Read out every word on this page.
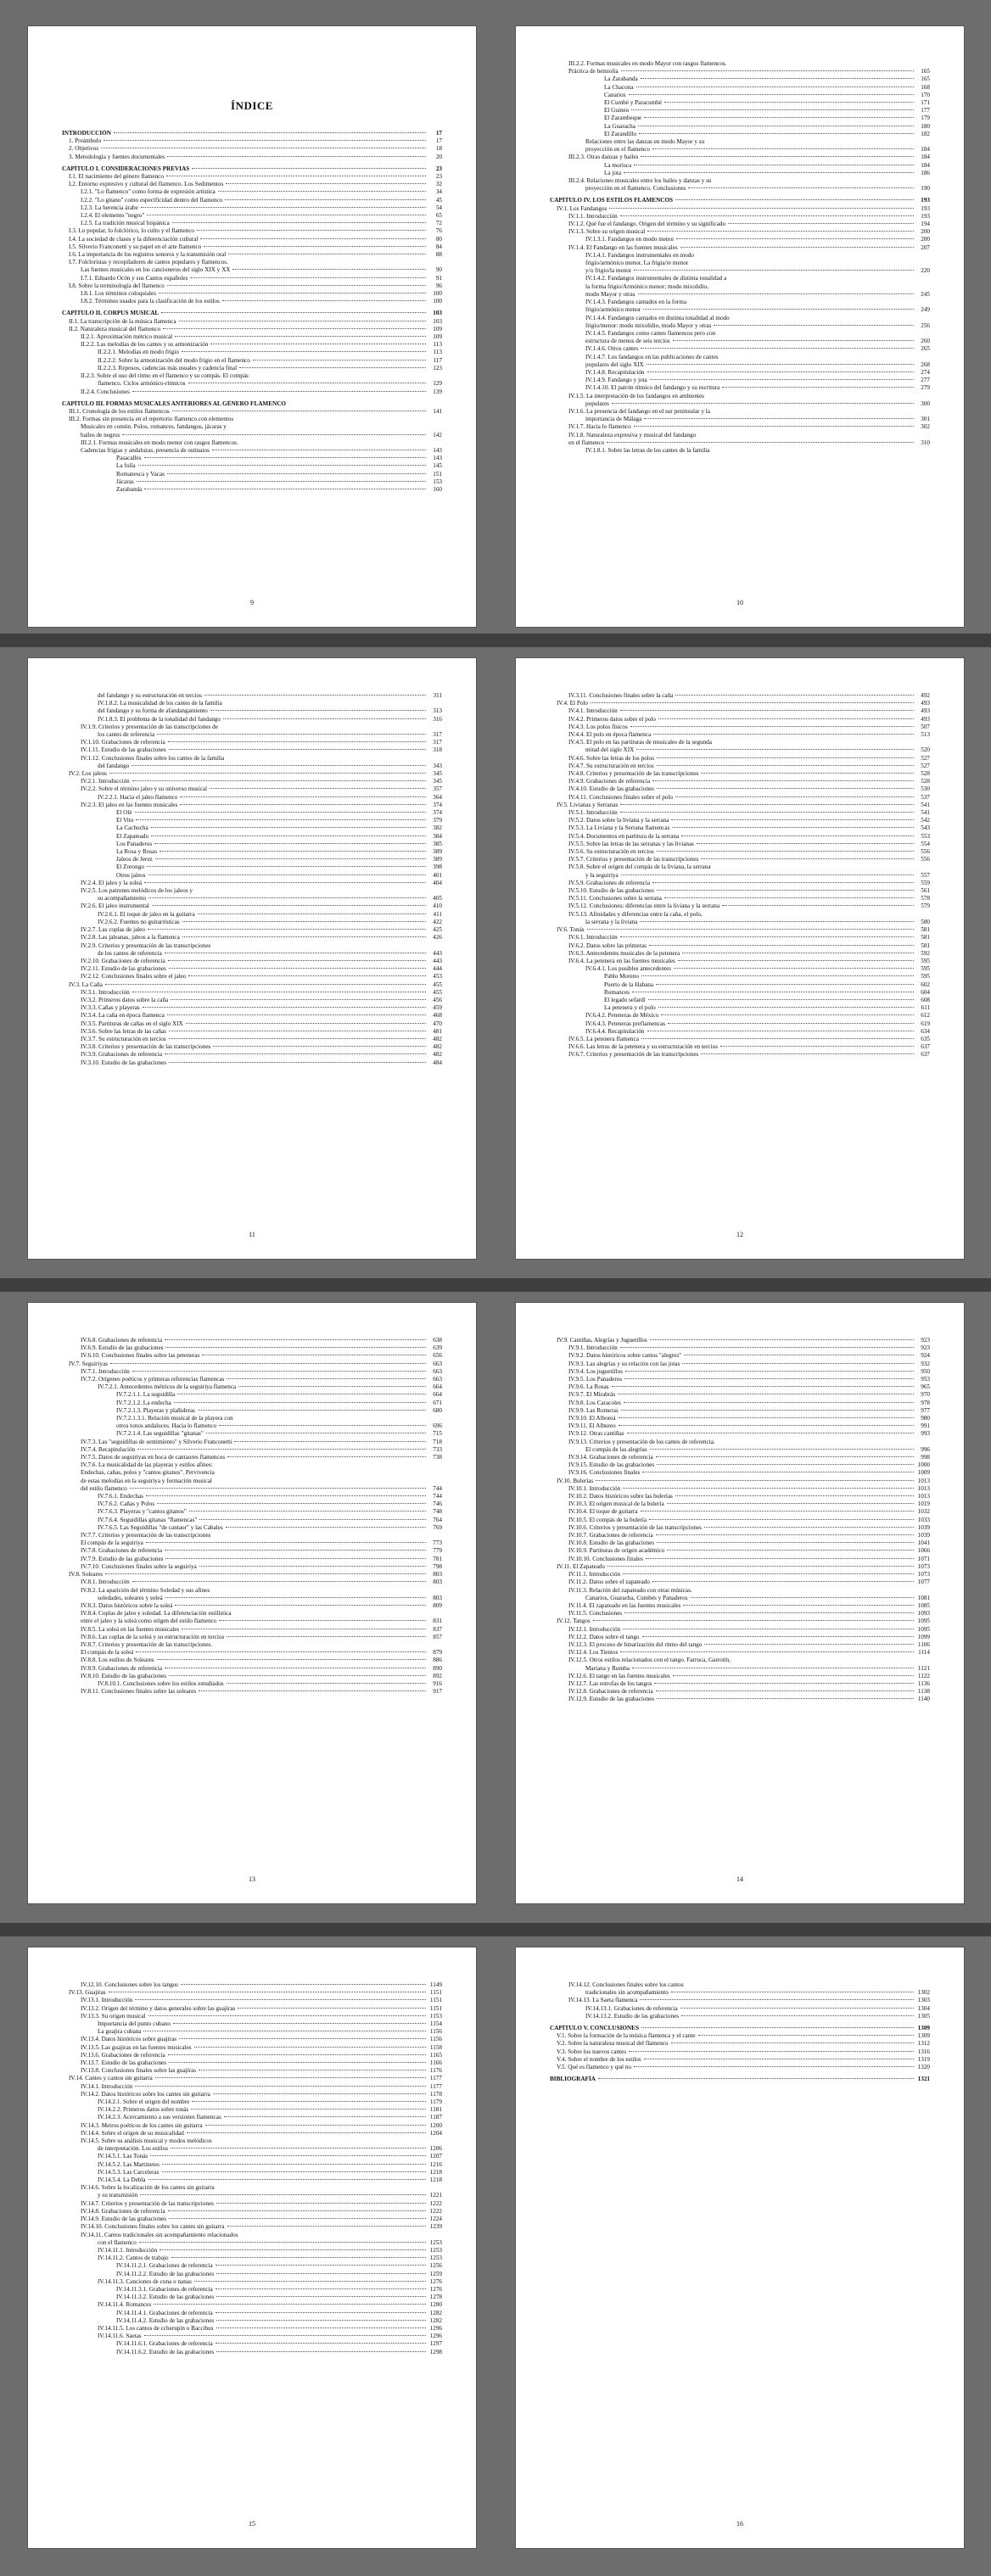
ÍNDICE
INTRODUCCIÓN	17
1. Preámbulo	17
2. Objetivos	18
3. Metodología y fuentes documentales	20
CAPÍTULO I. CONSIDERACIONES PREVIAS	23
I.1. El nacimiento del género flamenco	23
I.2. Entorno expresivo y cultural del flamenco. Los Sedimentos	32
I.2.1. "Lo flamenco" como forma de expresión artística	34
I.2.2. "Lo gitano" como especificidad dentro del flamenco	45
I.2.3. La herencia árabe	54
I.2.4. El elemento "negro"	65
I.2.5. La tradición musical hispánica	72
I.3. Lo popular, lo folclórico, lo culto y el flamenco	76
I.4. La sociedad de clases y la diferenciación cultural	80
I.5. Silverio Franconetti y su papel en el arte flamenco	84
I.6. La importancia de los registros sonoros y la transmisión oral	88
I.7. Folcloristas y recopiladores de cantos populares y flamencos.
Las fuentes musicales en los cancioneros del siglo XIX y XX	90
I.7.1. Eduardo Ocón y sus Cantos españoles	91
I.8. Sobre la terminología del flamenco	96
I.8.1. Los términos coloquiales	100
I.8.2. Términos usados para la clasificación de los estilos	100
CAPÍTULO II. CORPUS MUSICAL	103
II.1. La transcripción de la música flamenca	103
II.2. Naturaleza musical del flamenco	109
II.2.1. Aproximación métrico musical	109
II.2.2. Las melodías de los cantes y su armonización	113
II.2.2.1. Melodías en modo frigio	113
II.2.2.2. Sobre la armonización del modo frigio en el flamenco	117
II.2.2.3. Reposos, cadencias más usuales y cadencia final	123
II.2.3. Sobre el uso del ritmo en el flamenco y su compás. El compás
flamenco. Ciclos armónico-rítmicos	129
II.2.4. Conclusiones	139
CAPÍTULO III. FORMAS MUSICALES ANTERIORES AL GÉNERO FLAMENCO
III.1. Cronología de los estilos flamencos	141
III.2. Formas sin presencia en el repertorio flamenco con elementos
Musicales en común. Polos, romances, fandangos, jácaras y
bailes de negros	142
III.2.1. Formas musicales en modo menor con rasgos flamencos.
Cadencias frigias y andaluzas, presencia de ostinatos	143
Pasacalles	143
La folía	145
Romanesca y Vacas	151
Jácaras	153
Zarabanda	160
9
III.2.2. Formas musicales en modo Mayor con rasgos flamencos.
Práctica de hemiolia	165
La Zarabanda	165
La Chacona	168
Canarios	170
El Cumbé y Paracumbé	171
El Guineo	177
El Zarambeque	179
La Guaracha	180
El Zarandillo	182
Relaciones entre las danzas en modo Mayor y su
proyección en el flamenco	184
III.2.3. Otras danzas y bailes	184
La morisca	184
La jota	186
III.2.4. Relaciones musicales entre los bailes y danzas y su
proyección en el flamenco. Conclusiones	190
CAPÍTULO IV. LOS ESTILOS FLAMENCOS	193
IV.1. Los Fandangos	193
IV.1.1. Introducción	193
IV.1.2. Qué fue el fandango. Origen del término y su significado	194
IV.1.3. Sobre su origen musical	200
IV.1.3.1. Fandangos en modo menor	200
IV.1.4. El Fandango en las fuentes musicales	207
IV.1.4.1. Fandangos instrumentales en modo
frigio/armónico menor, La frigia/re menor
y/o frigio/la menor	220
IV.1.4.2. Fandangos instrumentales de distinta tonalidad a
la forma frigio/Armónico menor; modo mixolidio,
modo Mayor y otras	245
IV.1.4.3. Fandangos cantados en la forma
frigio/armónico menor	249
IV.1.4.4. Fandangos cantados en distinta tonalidad al modo
frigio/menor: modo mixolidio, modo Mayor y otras	256
IV.1.4.5. Fandangos como cantes flamencos pero con
estructura de menos de seis tercios	260
IV.1.4.6. Otros cantes	265
IV.1.4.7. Los fandangos en las publicaciones de cantes
populares del siglo XIX	268
IV.1.4.8. Recapitulación	274
IV.1.4.9. Fandango y jota	277
IV.1.4.10. El patrón rítmico del fandango y su escritura	279
IV.1.5. La interpretación de los fandangos en ambientes
populares	300
IV.1.6. La presencia del fandango en el sur peninsular y la
importancia de Málaga	301
IV.1.7. Hacia lo flamenco	302
IV.1.8. Naturaleza expresiva y musical del fandango
en el flamenco	310
IV.1.8.1. Sobre las letras de los cantes de la familia
10
del fandango y su estructuración en tercios	311
IV.1.8.2. La musicalidad de los cantes de la familia
del fandango y su forma de afandangamiento	313
IV.1.8.3. El problema de la tonalidad del fandango	316
IV.1.9. Criterios y presentación de las transcripciones de
los cantes de referencia	317
IV.1.10. Grabaciones de referencia	317
IV.1.11. Estudio de las grabaciones	318
IV.1.12. Conclusiones finales sobre los cantes de la familia
del fandango	343
IV.2. Los jaleos	345
IV.2.1. Introducción	345
IV.2.2. Sobre el término jaleo y su universo musical	357
IV.2.2.1. Hacia el jaleo flamenco	364
IV.2.3. El jaleo en las fuentes musicales	374
El Olé	374
El Vito	379
La Cachucha	382
El Zapateado	384
Los Panaderos	385
La Rosa y Rosas	389
Jaleos de Jerez	389
El Zorongo	398
Otros jaleos	401
IV.2.4. El jaleo y la soleá	404
IV.2.5. Los patrones melódicos de los jaleos y
su acompañamiento	405
IV.2.6. El jaleo instrumental	410
IV.2.6.1. El toque de jaleo en la guitarra	411
IV.2.6.2. Fuentes no guitarrísticas	422
IV.2.7. Las coplas de jaleo	425
IV.2.8. Las jaleanas, jaleos a la flamenca	426
IV.2.9. Criterios y presentación de las transcripciones
de los cantes de referencia	443
IV.2.10. Grabaciones de referencia	443
IV.2.11. Estudio de las grabaciones	444
IV.2.12. Conclusiones finales sobre el jaleo	453
IV.3. La Caña	455
IV.3.1. Introducción	455
IV.3.2. Primeros datos sobre la caña	456
IV.3.3. Cañas y playeras	459
IV.3.4. La caña en época flamenca	468
IV.3.5. Partituras de cañas en el siglo XIX	470
IV.3.6. Sobre las letras de las cañas	481
IV.3.7. Su estructuración en tercios	482
IV.3.8. Criterios y presentación de las transcripciones	482
IV.3.9. Grabaciones de referencia	482
IV.3.10. Estudio de las grabaciones	484
11
IV.3.11. Conclusiones finales sobre la caña	492
IV.4. El Polo	493
IV.4.1. Introducción	493
IV.4.2. Primeros datos sobre el polo	493
IV.4.3. Los polos físicos	507
IV.4.4. El polo en época flamenca	513
IV.4.5. El polo en las partituras de musicales de la segunda
mitad del siglo XIX	520
IV.4.6. Sobre las letras de los polos	527
IV.4.7. Su estructuración en tercios	527
IV.4.8. Criterios y presentación de las transcripciones	528
IV.4.9. Grabaciones de referencia	528
IV.4.10. Estudio de las grabaciones	530
IV.4.11. Conclusiones finales sobre el polo	537
IV.5. Livianas y Serranas	541
IV.5.1. Introducción	541
IV.5.2. Datos sobre la liviana y la serrana	542
IV.5.3. La Liviana y la Serrana flamencas	543
IV.5.4. Documentos en partitura de la serrana	553
IV.5.5. Sobre las letras de las serranas y las livianas	554
IV.5.6. Su estructuración en tercios	556
IV.5.7. Criterios y presentación de las transcripciones	556
IV.5.8. Sobre el origen del compás de la liviana, la serrana
y la seguiriya	557
IV.5.9. Grabaciones de referencia	559
IV.5.10. Estudio de las grabaciones	561
IV.5.11. Conclusiones sobre la serrana	578
IV.5.12. Conclusiones: diferencias entre la liviana y la serrana	579
IV.5.13. Afinidades y diferencias entre la caña, el polo,
la serrana y la liviana	580
IV.6. Tonás	581
IV.6.1. Introducción	581
IV.6.2. Datos sobre las primeras	581
IV.6.3. Antecedentes musicales de la petenera	592
IV.6.4. La petenera en las fuentes musicales	595
IV.6.4.1. Los posibles antecedentes	595
Pablo Moreno	595
Puerto de la Habana	602
Romances	604
El legado sefardí	608
La petenera y el polo	611
IV.6.4.2. Peteneras de México	612
IV.6.4.3. Peteneras preflamencas	619
IV.6.4.4. Recapitulación	634
IV.6.5. La petenera flamenca	635
IV.6.6. Las letras de la petenera y su estructuración en tercios	637
IV.6.7. Criterios y presentación de las transcripciones	637
12
IV.6.8. Grabaciones de referencia	638
IV.6.9. Estudio de las grabaciones	639
IV.6.10. Conclusiones finales sobre las peteneras	656
IV.7. Seguiriyas	663
IV.7.1. Introducción	663
IV.7.2. Orígenes poéticos y primeras referencias flamencas	663
IV.7.2.1. Antecedentes métricos de la seguiriya flamenca	664
IV.7.2.1.1. La seguidilla	664
IV.7.2.1.2. La endecha	671
IV.7.2.1.3. Playeras y plañideras	680
IV.7.2.1.3.1. Relación musical de la playera con
otros tonos andaluces. Hacia lo flamenco	696
IV.7.2.1.4. Las seguidillas "gitanas"	715
IV.7.3. Las "seguidillas de sentimiento" y Silverio Franconetti	718
IV.7.4. Recapitulación	733
IV.7.5. Datos de seguiriyas en boca de cantaores flamencos	738
IV.7.6. La musicalidad de las playeras y estilos afines:
Endechas, cañas, polos y "cantos gitanos". Pervivencia
de estas melodías en la seguiriya y formación musical
del estilo flamenco	744
IV.7.6.1. Endechas	744
IV.7.6.2. Cañas y Polos	746
IV.7.6.3. Playeras y "cantos gitanos"	748
IV.7.6.4. Seguidillas gitanas "flamencas"	764
IV.7.6.5. Las Seguidillas "de cantaor" y las Cabales	769
IV.7.7. Criterios y presentación de las transcripciones
El compás de la seguiriya	773
IV.7.8. Grabaciones de referencia	779
IV.7.9. Estudio de las grabaciones	781
IV.7.10. Conclusiones finales sobre la seguiriya	798
IV.8. Soleares	803
IV.8.1. Introducción	803
IV.8.2. La aparición del término Soledad y sus afines
soledades, soleares y soleá	803
IV.8.3. Datos históricos sobre la soleá	809
IV.8.4. Coplas de jaleo y soledad. La diferenciación estilística
entre el jaleo y la soleá como origen del estilo flamenco	831
IV.8.5. La soleá en las fuentes musicales	837
IV.8.6. Las coplas de la soleá y su estructuración en tercios	857
IV.8.7. Criterios y presentación de las transcripciones.
El compás de la soleá	879
IV.8.8. Los estilos de Soleares	886
IV.8.9. Grabaciones de referencia	890
IV.8.10. Estudio de las grabaciones	892
IV.8.10.1. Conclusiones sobre los estilos estudiados	916
IV.8.11. Conclusiones finales sobre las soleares	917
13
IV.9. Cantiñas, Alegrías y Juguetillos	923
IV.9.1. Introducción	923
IV.9.2. Datos históricos sobre cantos "alegres"	924
IV.9.3. Las alegrías y su relación con las jotas	932
IV.9.4. Los juguetillos	950
IV.9.5. Los Panaderos	953
IV.9.6. La Rosas	965
IV.9.7. El Mirabrás	970
IV.9.8. Los Caracoles	978
IV.9.9. Las Romeras	977
IV.9.10. El Alboreá	980
IV.9.11. El Albureo	991
IV.9.12. Otras cantiñas	993
IV.9.13. Criterios y presentación de los cantes de referencia.
El compás de las alegrías	996
IV.9.14. Grabaciones de referencia	998
IV.9.15. Estudio de las grabaciones	1000
IV.9.16. Conclusiones finales	1009
IV.10. Bulerías	1013
IV.10.1. Introducción	1013
IV.10.2. Datos históricos sobre las bulerías	1013
IV.10.3. El origen musical de la bulería	1019
IV.10.4. El toque de guitarra	1032
IV.10.5. El compás de la bulería	1033
IV.10.6. Criterios y presentación de las transcripciones	1039
IV.10.7. Grabaciones de referencia	1039
IV.10.8. Estudio de las grabaciones	1041
IV.10.9. Partituras de origen académico	1066
IV.10.10. Conclusiones finales	1071
IV.11. El Zapateado	1073
IV.11.1. Introducción	1073
IV.11.2. Datos sobre el zapateado	1077
IV.11.3. Relación del zapateado con otras músicas.
Canarios, Guaracha, Cumbés y Panaderos	1081
IV.11.4. El zapateado en las fuentes musicales	1085
IV.11.5. Conclusiones	1093
IV.12. Tangos	1095
IV.12.1. Introducción	1095
IV.12.2. Datos sobre el tango	1099
IV.12.3. El proceso de binarización del ritmo del tango	1106
IV.12.4. Los Tientos	1114
IV.12.5. Otros estilos relacionados con el tango. Farruca, Garrotín,
Mariana y Rumba	1121
IV.12.6. El tango en las fuentes musicales	1122
IV.12.7. Las estrofas de los tangos	1136
IV.12.8. Grabaciones de referencia	1138
IV.12.9. Estudio de las grabaciones	1140
14
IV.12.10. Conclusiones sobre los tangos	1149
IV.13. Guajiras	1151
IV.13.1. Introducción	1151
IV.13.2. Origen del término y datos generales sobre las guajiras	1151
IV.13.3. Su origen musical	1153
Importancia del punto cubano	1154
La guajira cubana	1156
IV.13.4. Datos históricos sobre guajiras	1156
IV.13.5. Las guajiras en las fuentes musicales	1158
IV.13.6. Grabaciones de referencia	1165
IV.13.7. Estudio de las grabaciones	1166
IV.13.8. Conclusiones finales sobre las guajiras	1176
IV.14. Cantes y cantos sin guitarra	1177
IV.14.1. Introducción	1177
IV.14.2. Datos históricos sobre los cantes sin guitarra	1178
IV.14.2.1. Sobre el origen del nombre	1179
IV.14.2.2. Primeros datos sobre tonás	1181
IV.14.2.3. Acercamiento a sus versiones flamencas	1187
IV.14.3. Metros poéticos de los cantes sin guitarra	1200
IV.14.4. Sobre el origen de su musicalidad	1204
IV.14.5. Sobre su análisis musical y modos melódicos
de interpretación. Los estilos	1206
IV.14.5.1. Las Tonás	1207
IV.14.5.2. Las Martinetes	1216
IV.14.5.3. Las Carceleras	1218
IV.14.5.4. La Debla	1218
IV.14.6. Sobre la localización de los cantes sin guitarra
y su transmisión	1221
IV.14.7. Criterios y presentación de las transcripciones	1222
IV.14.8. Grabaciones de referencia	1222
IV.14.9. Estudio de las grabaciones	1224
IV.14.10. Conclusiones finales sobre los cantes sin guitarra	1239
IV.14.11. Cantos tradicionales sin acompañamiento relacionados
con el flamenco	1253
IV.14.11.1. Introducción	1253
IV.14.11.2. Cantos de trabajo	1253
IV.14.11.2.1. Grabaciones de referencia	1256
IV.14.11.2.2. Estudio de las grabaciones	1259
IV.14.11.3. Canciones de cuna o nanas	1276
IV.14.11.3.1. Grabaciones de referencia	1276
IV.14.11.3.2. Estudio de las grabaciones	1278
IV.14.11.4. Romances	1280
IV.14.11.4.1. Grabaciones de referencia	1282
IV.14.11.4.2. Estudio de las grabaciones	1282
IV.14.11.5. Los cantos de ccherupín o Baccibus	1296
IV.14.11.6. Saetas	1296
IV.14.11.6.1. Grabaciones de referencia	1297
IV.14.11.6.2. Estudio de las grabaciones	1298
15
IV.14.12. Conclusiones finales sobre los cantos
tradicionales sin acompañamiento	1302
IV.14.13. La Saeta flamenca	1303
IV.14.13.1. Grabaciones de referencia	1304
IV.14.13.2. Estudio de las grabaciones	1305
CAPÍTULO V. CONCLUSIONES	1309
V.1. Sobre la formación de la música flamenca y el cante	1309
V.2. Sobre la naturaleza musical del flamenco	1312
V.3. Sobre los nuevos cantes	1316
V.4. Sobre el nombre de los estilos	1319
V.5. Qué es flamenco y qué no	1320
BIBLIOGRAFÍA	1321
16
